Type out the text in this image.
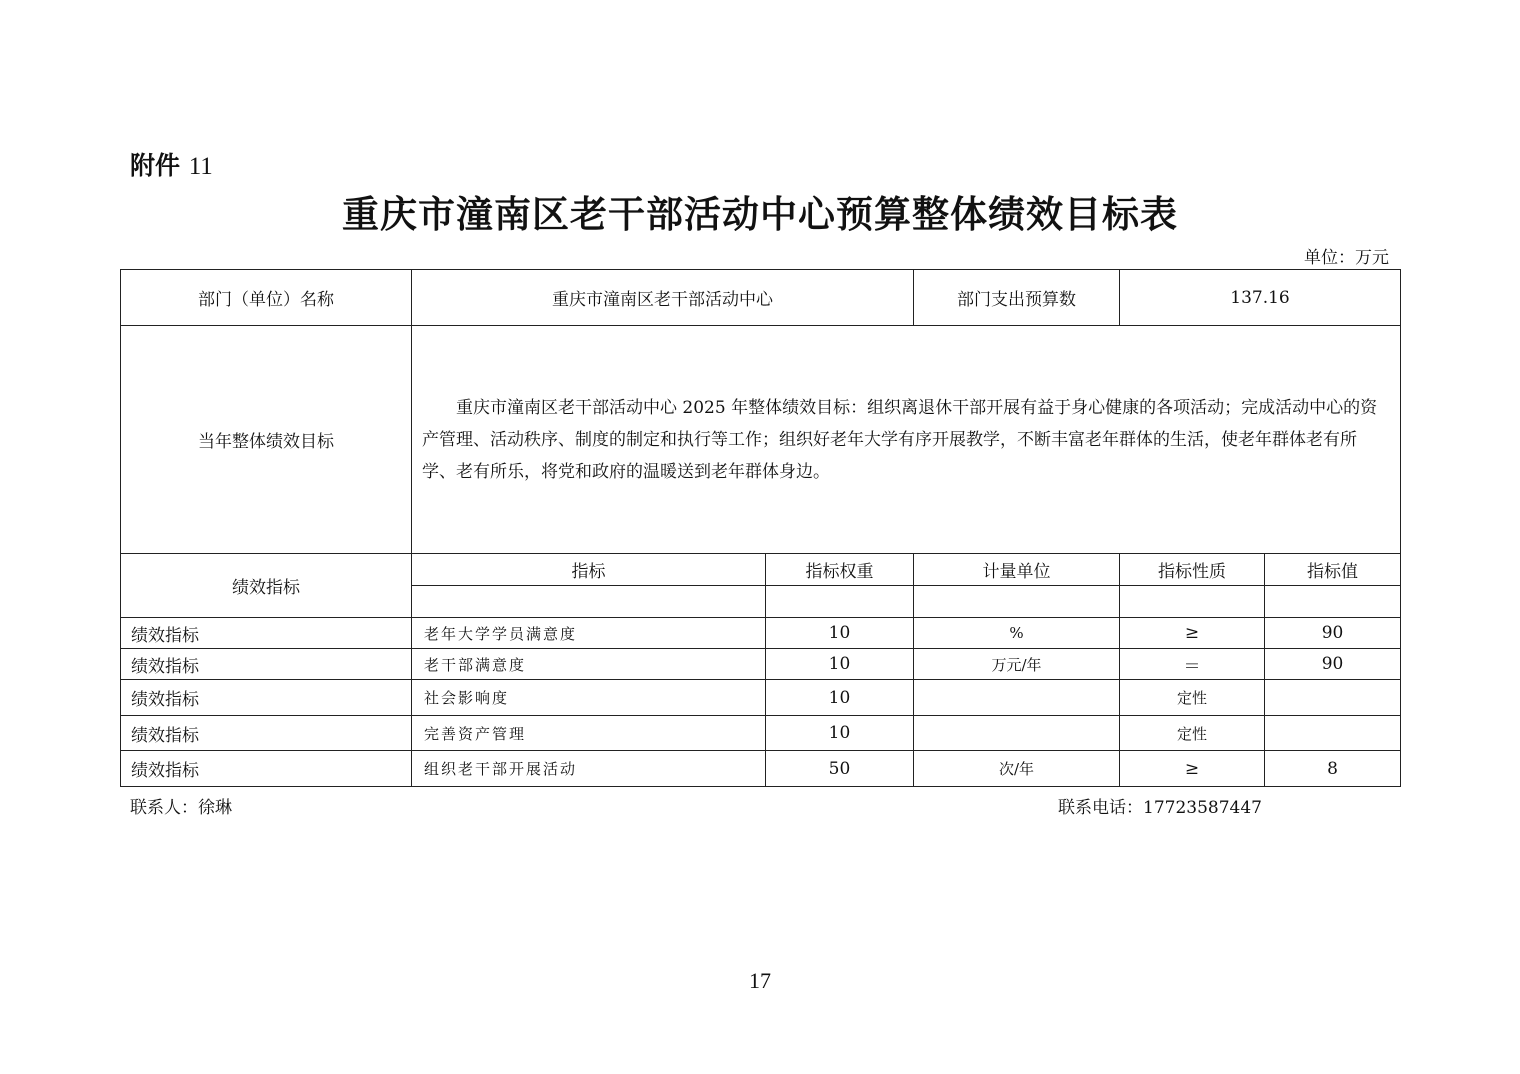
附件 11
重庆市潼南区老干部活动中心预算整体绩效目标表
单位：万元
部门（单位）名称	重庆市潼南区老干部活动中心		部门支出预算数	137.16	
当年整体绩效目标	重庆市潼南区老干部活动中心 2025 年整体绩效目标：组织离退休干部开展有益于身心健康的各项活动；完成活动中心的资产管理、活动秩序、制度的制定和执行等工作；组织好老年大学有序开展教学，不断丰富老年群体的生活，使老年群体老有所学、老有所乐，将党和政府的温暖送到老年群体身边。				

绩效指标	指标	指标权重	计量单位	指标性质	指标值

绩效指标	老年大学学员满意度	10	%	≥	90
绩效指标	老干部满意度	10	万元/年	＝	90
绩效指标	社会影响度	10		定性	
绩效指标	完善资产管理	10		定性	
绩效指标	组织老干部开展活动	50	次/年	≥	8
联系人：徐琳	联系电话：17723587447
17
